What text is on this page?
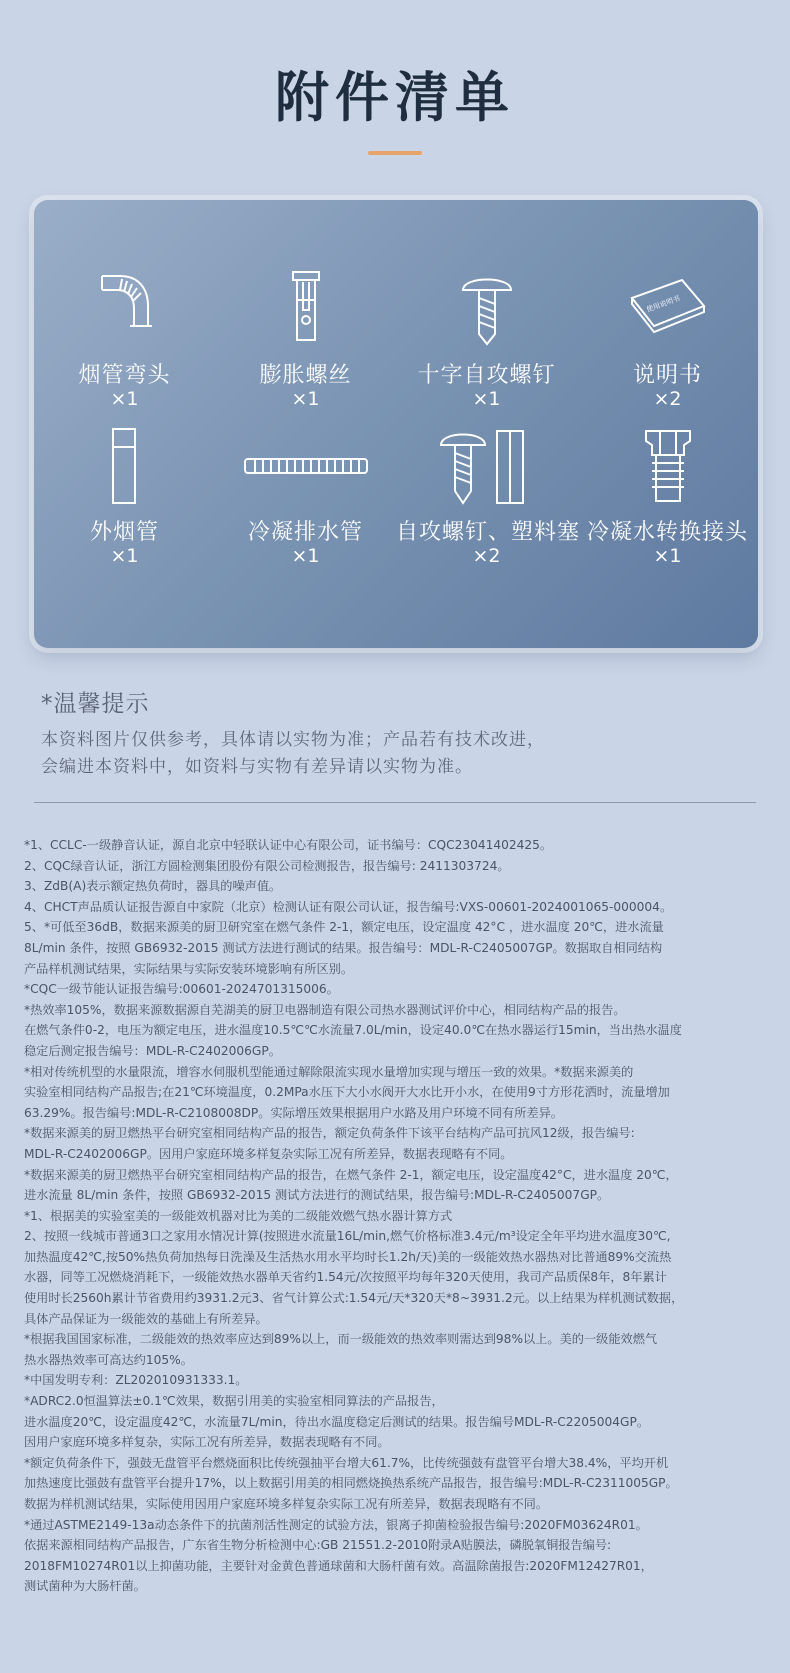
附件清单
烟管弯头
×1
膨胀螺丝
×1
十字自攻螺钉
×1
使用说明书
说明书
×2
外烟管
×1
冷凝排水管
×1
自攻螺钉、塑料塞
×2
冷凝水转换接头
×1
*温馨提示
本资料图片仅供参考，具体请以实物为准；产品若有技术改进，
会编进本资料中，如资料与实物有差异请以实物为准。

*1、CCLC-一级静音认证，源自北京中轻联认证中心有限公司，证书编号：CQC23041402425。

2、CQC绿音认证，浙江方圆检测集团股份有限公司检测报告，报告编号: 2411303724。

3、ZdB(A)表示额定热负荷时，器具的噪声值。

4、CHCT声品质认证报告源自中家院（北京）检测认证有限公司认证，报告编号:VXS-00601-2024001065-000004。

5、*可低至36dB，数据来源美的厨卫研究室在燃气条件 2-1，额定电压，设定温度 42°C ，进水温度 20℃，进水流量

8L/min 条件，按照 GB6932-2015 测试方法进行测试的结果。报告编号：MDL-R-C2405007GP。数据取自相同结构

产品样机测试结果，实际结果与实际安装环境影响有所区别。

*CQC一级节能认证报告编号:00601-2024701315006。

*热效率105%，数据来源数据源自芜湖美的厨卫电器制造有限公司热水器测试评价中心，相同结构产品的报告。

在燃气条件0-2，电压为额定电压，进水温度10.5℃℃水流量7.0L/min，设定40.0℃在热水器运行15min，当出热水温度

稳定后测定报告编号：MDL-R-C2402006GP。

*相对传统机型的水量限流，增容水伺服机型能通过解除限流实现水量增加实现与增压一致的效果。*数据来源美的

实验室相同结构产品报告;在21℃环境温度，0.2MPa水压下大小水阀开大水比开小水，在使用9寸方形花洒时，流量增加

63.29%。报告编号:MDL-R-C2108008DP。实际增压效果根据用户水路及用户环境不同有所差异。

*数据来源美的厨卫燃热平台研究室相同结构产品的报告，额定负荷条件下该平台结构产品可抗风12级，报告编号:

MDL-R-C2402006GP。因用户家庭环境多样复杂实际工况有所差异，数据表现略有不同。

*数据来源美的厨卫燃热平台研究室相同结构产品的报告，在燃气条件 2-1，额定电压，设定温度42°C，进水温度 20℃，

进水流量 8L/min 条件，按照 GB6932-2015 测试方法进行的测试结果，报告编号:MDL-R-C2405007GP。

*1、根据美的实验室美的一级能效机器对比为美的二级能效燃气热水器计算方式

2、按照一线城市普通3口之家用水情况计算(按照进水流量16L/min,燃气价格标准3.4元/m³设定全年平均进水温度30℃,

加热温度42℃,按50%热负荷加热每日洗澡及生活热水用水平均时长1.2h/天)美的一级能效热水器热对比普通89%交流热

水器，同等工况燃烧消耗下，一级能效热水器单天省约1.54元/次按照平均每年320天使用，我司产品质保8年，8年累计

使用时长2560h累计节省费用约3931.2元3、省气计算公式:1.54元/天*320天*8~3931.2元。以上结果为样机测试数据，

具体产品保证为一级能效的基础上有所差异。

*根据我国国家标准，二级能效的热效率应达到89%以上，而一级能效的热效率则需达到98%以上。美的一级能效燃气

热水器热效率可高达约105%。

*中国发明专利：ZL202010931333.1。

*ADRC2.0恒温算法±0.1℃效果，数据引用美的实验室相同算法的产品报告，

进水温度20℃，设定温度42℃，水流量7L/min，待出水温度稳定后测试的结果。报告编号MDL-R-C2205004GP。

因用户家庭环境多样复杂，实际工况有所差异，数据表现略有不同。

*额定负荷条件下，强鼓无盘管平台燃烧面积比传统强抽平台增大61.7%，比传统强鼓有盘管平台增大38.4%，平均开机

加热速度比强鼓有盘管平台提升17%，以上数据引用美的相同燃烧换热系统产品报告，报告编号:MDL-R-C2311005GP。

数据为样机测试结果，实际使用因用户家庭环境多样复杂实际工况有所差异，数据表现略有不同。

*通过ASTME2149-13a动态条件下的抗菌剂活性测定的试验方法，银离子抑菌检验报告编号:2020FM03624R01。

依据来源相同结构产品报告，广东省生物分析检测中心:GB 21551.2-2010附录A贴膜法，磷脱氧铜报告编号:

2018FM10274R01以上抑菌功能，主要针对金黄色普通球菌和大肠杆菌有效。高温除菌报告:2020FM12427R01，

测试菌种为大肠杆菌。
